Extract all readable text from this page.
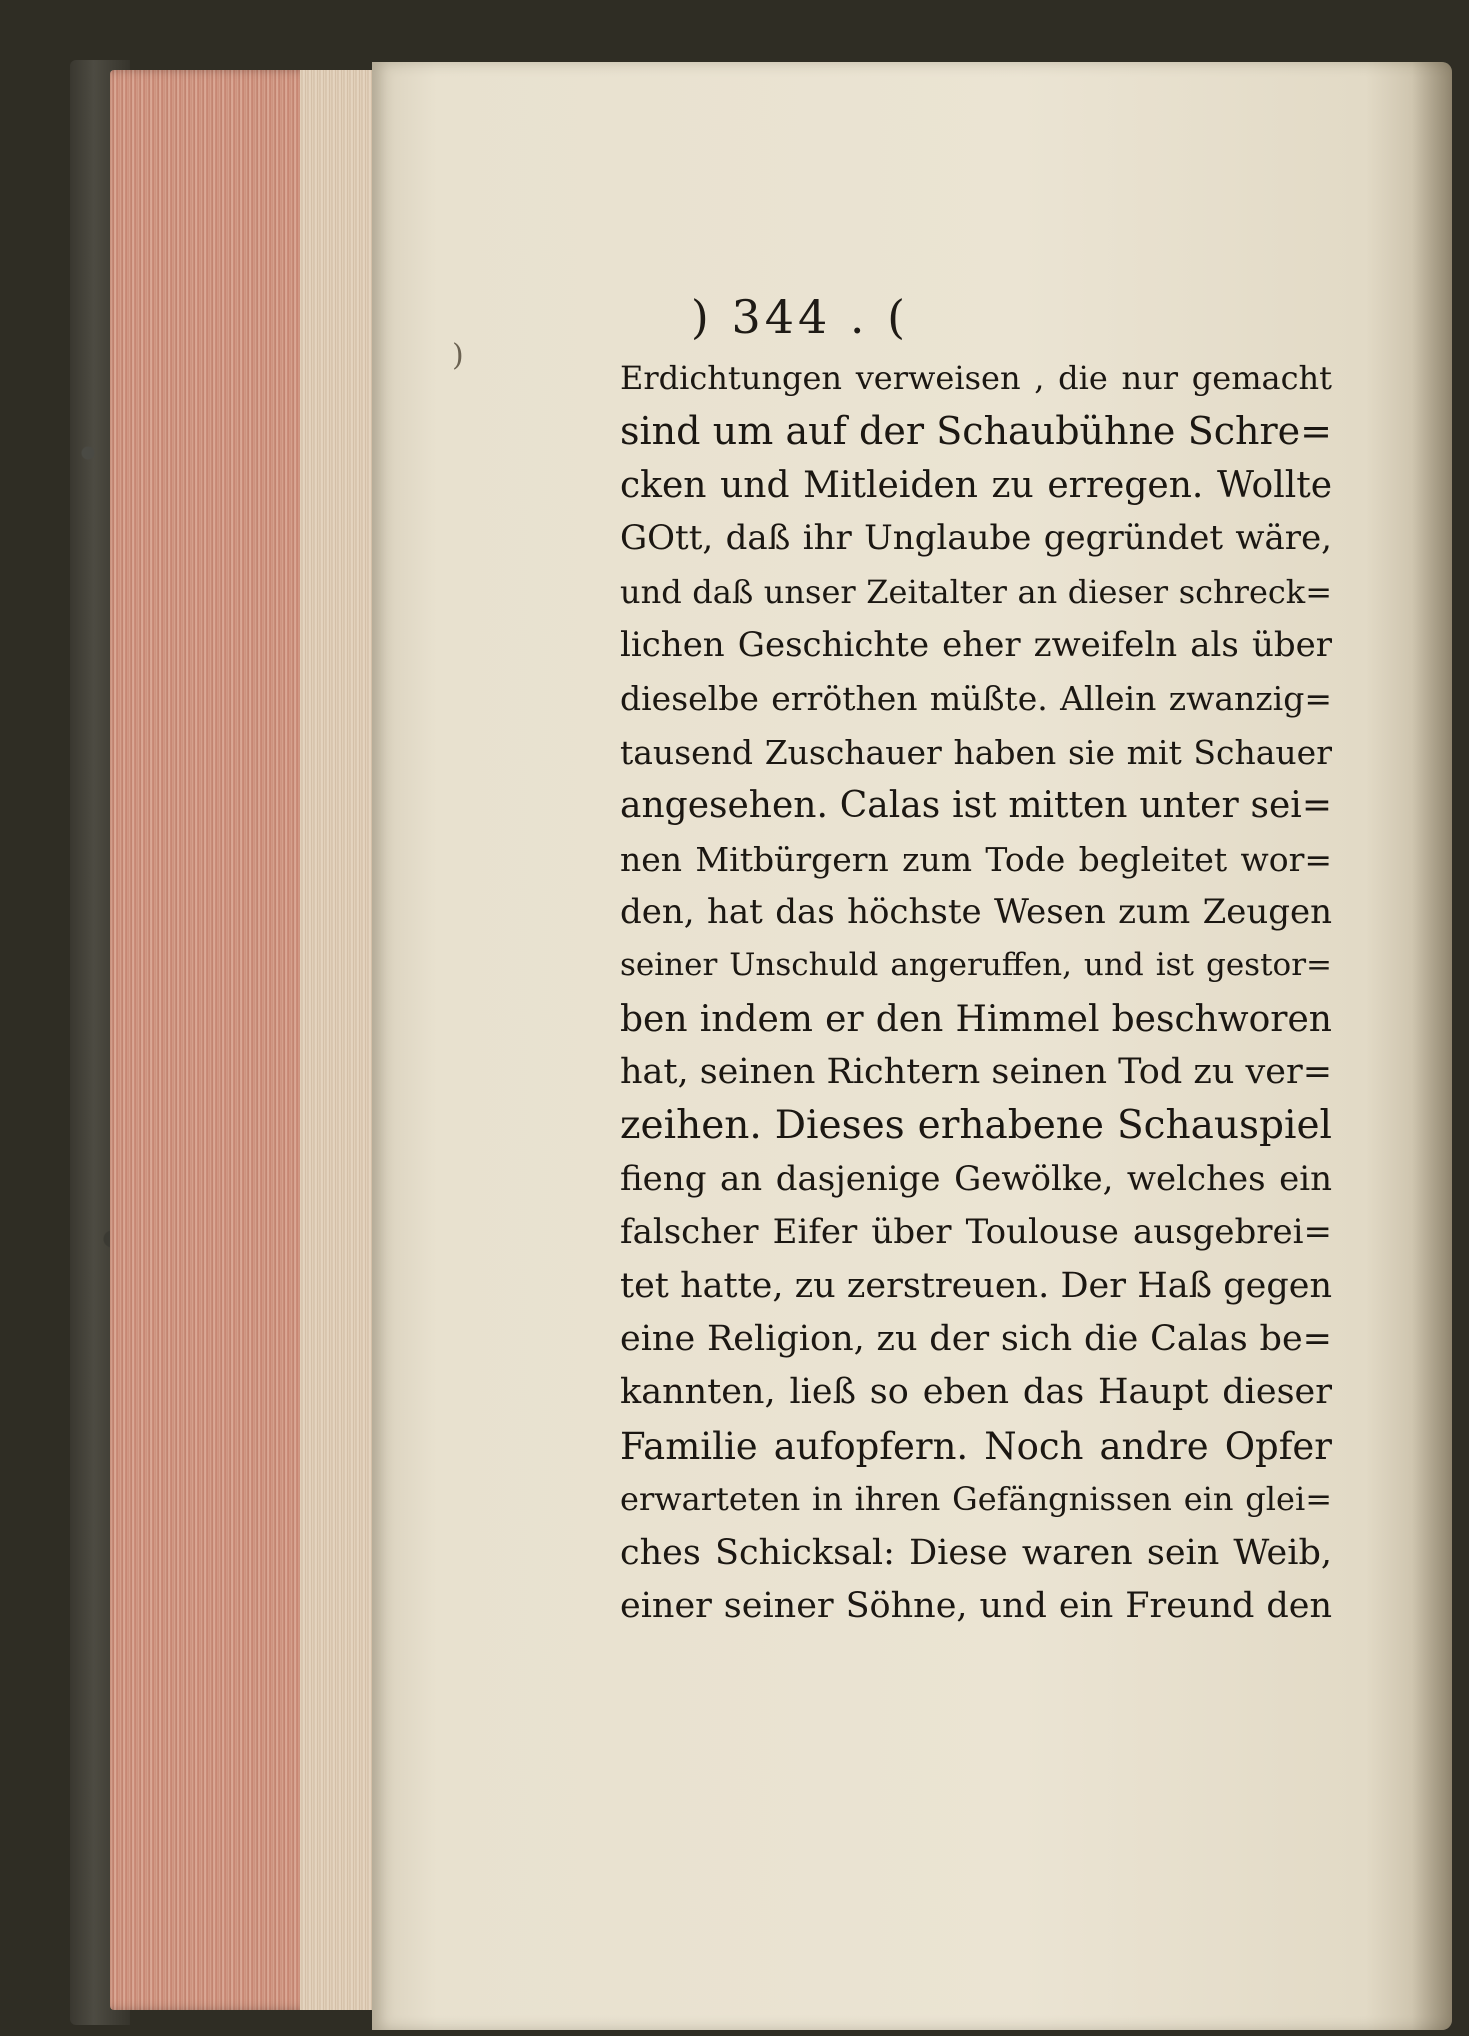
)
) 344 . (
Erdichtungen verweisen , die nur gemacht
sind um auf der Schaubühne Schre=
cken und Mitleiden zu erregen. Wollte
GOtt, daß ihr Unglaube gegründet wäre,
und daß unser Zeitalter an dieser schreck=
lichen Geschichte eher zweifeln als über
dieselbe erröthen müßte. Allein zwanzig=
tausend Zuschauer haben sie mit Schauer
angesehen. Calas ist mitten unter sei=
nen Mitbürgern zum Tode begleitet wor=
den, hat das höchste Wesen zum Zeugen
seiner Unschuld angeruffen, und ist gestor=
ben indem er den Himmel beschworen
hat, seinen Richtern seinen Tod zu ver=
zeihen. Dieses erhabene Schauspiel
fieng an dasjenige Gewölke, welches ein
falscher Eifer über Toulouse ausgebrei=
tet hatte, zu zerstreuen. Der Haß gegen
eine Religion, zu der sich die Calas be=
kannten, ließ so eben das Haupt dieser
Familie aufopfern. Noch andre Opfer
erwarteten in ihren Gefängnissen ein glei=
ches Schicksal: Diese waren sein Weib,
einer seiner Söhne, und ein Freund den
